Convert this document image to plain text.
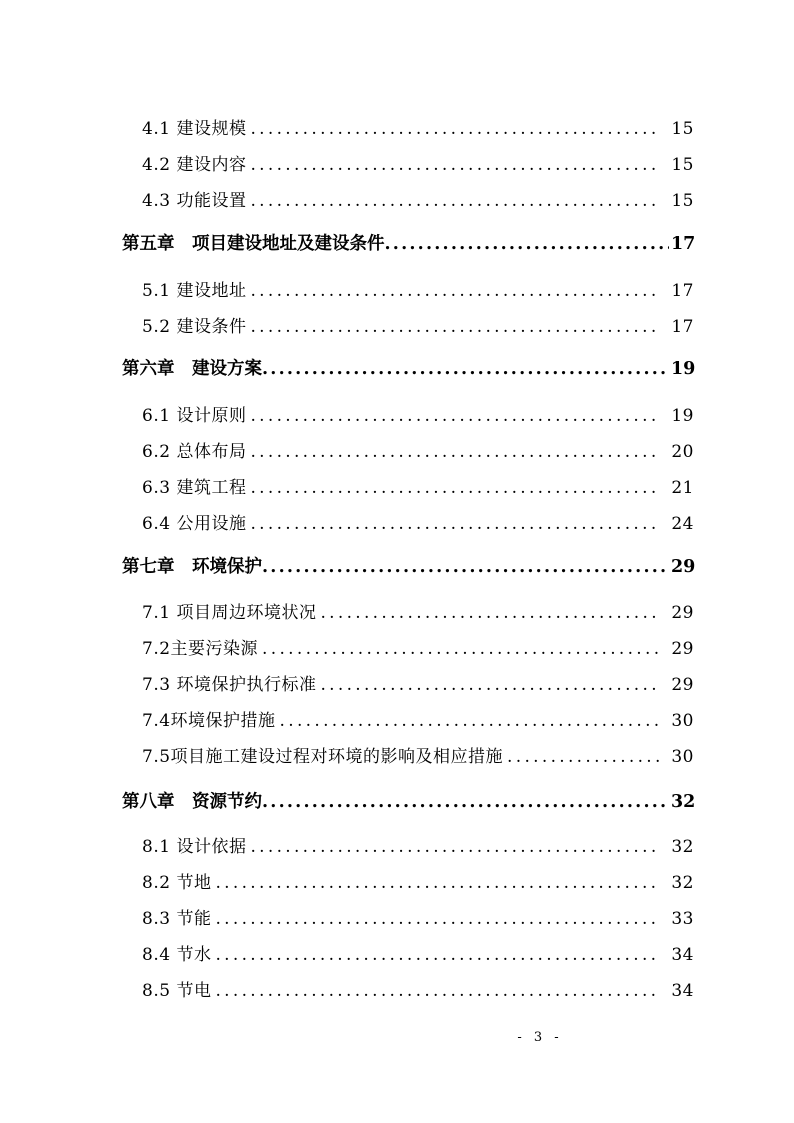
4.1 建设规模 .....	15
4.2 建设内容 .....	15
4.3 功能设置 .....	15
第五章　项目建设地址及建设条件 .....	17
5.1 建设地址 .....	17
5.2 建设条件 .....	17
第六章　建设方案 .....	19
6.1 设计原则 .....	19
6.2 总体布局 .....	20
6.3 建筑工程 .....	21
6.4 公用设施 .....	24
第七章　环境保护 .....	29
7.1 项目周边环境状况 .....	29
7.2主要污染源 .....	29
7.3 环境保护执行标准 .....	29
7.4环境保护措施 .....	30
7.5项目施工建设过程对环境的影响及相应措施 .....	30
第八章　资源节约 .....	32
8.1 设计依据 .....	32
8.2 节地 .....	32
8.3 节能 .....	33
8.4 节水 .....	34
8.5 节电 .....	34
- 3 -
